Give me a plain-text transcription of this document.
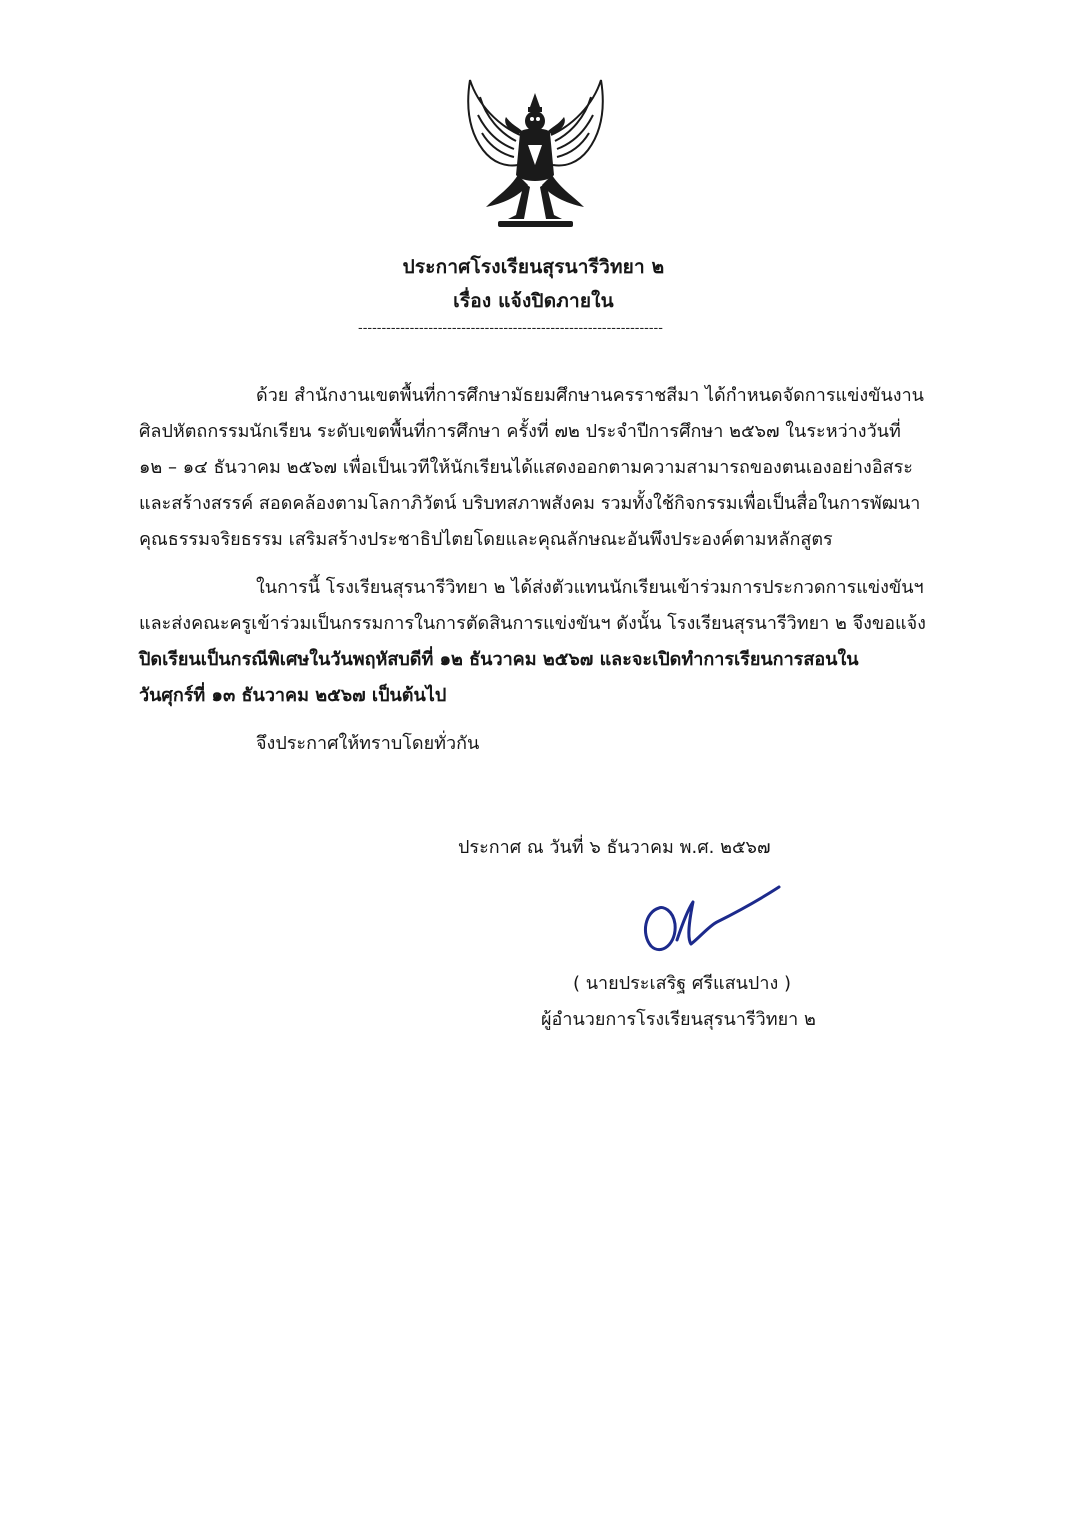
ประกาศโรงเรียนสุรนารีวิทยา ๒
เรื่อง แจ้งปิดภายใน
-----------------------------------------------------------------
ด้วย สำนักงานเขตพื้นที่การศึกษามัธยมศึกษานครราชสีมา ได้กำหนดจัดการแข่งขันงาน
ศิลปหัตถกรรมนักเรียน ระดับเขตพื้นที่การศึกษา ครั้งที่ ๗๒ ประจำปีการศึกษา ๒๕๖๗ ในระหว่างวันที่
๑๒ – ๑๔ ธันวาคม ๒๕๖๗ เพื่อเป็นเวทีให้นักเรียนได้แสดงออกตามความสามารถของตนเองอย่างอิสระ
และสร้างสรรค์ สอดคล้องตามโลกาภิวัตน์ บริบทสภาพสังคม รวมทั้งใช้กิจกรรมเพื่อเป็นสื่อในการพัฒนา
คุณธรรมจริยธรรม เสริมสร้างประชาธิปไตยโดยและคุณลักษณะอันพึงประองค์ตามหลักสูตร
ในการนี้ โรงเรียนสุรนารีวิทยา ๒ ได้ส่งตัวแทนนักเรียนเข้าร่วมการประกวดการแข่งขันฯ
และส่งคณะครูเข้าร่วมเป็นกรรมการในการตัดสินการแข่งขันฯ ดังนั้น โรงเรียนสุรนารีวิทยา ๒ จึงขอแจ้ง
ปิดเรียนเป็นกรณีพิเศษในวันพฤหัสบดีที่ ๑๒ ธันวาคม ๒๕๖๗ และจะเปิดทำการเรียนการสอนใน
วันศุกร์ที่ ๑๓ ธันวาคม ๒๕๖๗ เป็นต้นไป
จึงประกาศให้ทราบโดยทั่วกัน
ประกาศ ณ วันที่ ๖ ธันวาคม พ.ศ. ๒๕๖๗
( นายประเสริฐ ศรีแสนปาง )
ผู้อำนวยการโรงเรียนสุรนารีวิทยา ๒
